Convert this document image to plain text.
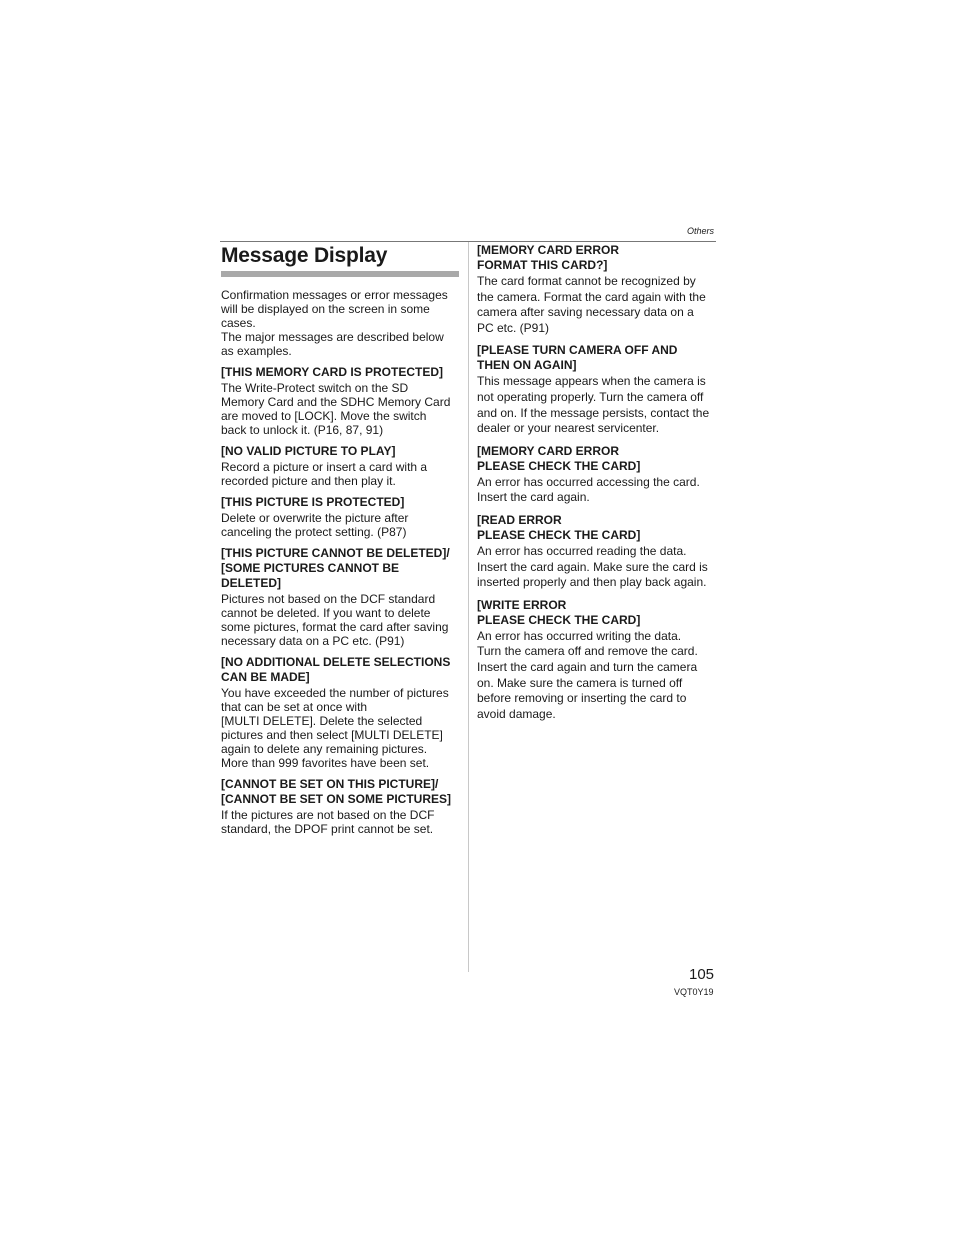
Others
Message Display

Confirmation messages or error messages
will be displayed on the screen in some
cases.
The major messages are described below
as examples.

[THIS MEMORY CARD IS PROTECTED]

The Write-Protect switch on the SD
Memory Card and the SDHC Memory Card
are moved to [LOCK]. Move the switch
back to unlock it. (P16, 87, 91)

[NO VALID PICTURE TO PLAY]

Record a picture or insert a card with a
recorded picture and then play it.

[THIS PICTURE IS PROTECTED]

Delete or overwrite the picture after
canceling the protect setting. (P87)

[THIS PICTURE CANNOT BE DELETED]/
[SOME PICTURES CANNOT BE
DELETED]

Pictures not based on the DCF standard
cannot be deleted. If you want to delete
some pictures, format the card after saving
necessary data on a PC etc. (P91)

[NO ADDITIONAL DELETE SELECTIONS
CAN BE MADE]

You have exceeded the number of pictures
that can be set at once with
[MULTI DELETE]. Delete the selected
pictures and then select [MULTI DELETE]
again to delete any remaining pictures.
More than 999 favorites have been set.

[CANNOT BE SET ON THIS PICTURE]/
[CANNOT BE SET ON SOME PICTURES]

If the pictures are not based on the DCF
standard, the DPOF print cannot be set.

[MEMORY CARD ERROR
FORMAT THIS CARD?]

The card format cannot be recognized by
the camera. Format the card again with the
camera after saving necessary data on a
PC etc. (P91)

[PLEASE TURN CAMERA OFF AND
THEN ON AGAIN]

This message appears when the camera is
not operating properly. Turn the camera off
and on. If the message persists, contact the
dealer or your nearest servicenter.

[MEMORY CARD ERROR
PLEASE CHECK THE CARD]

An error has occurred accessing the card.
Insert the card again.

[READ ERROR
PLEASE CHECK THE CARD]

An error has occurred reading the data.
Insert the card again. Make sure the card is
inserted properly and then play back again.

[WRITE ERROR
PLEASE CHECK THE CARD]

An error has occurred writing the data.
Turn the camera off and remove the card.
Insert the card again and turn the camera
on. Make sure the camera is turned off
before removing or inserting the card to
avoid damage.

105
VQT0Y19
